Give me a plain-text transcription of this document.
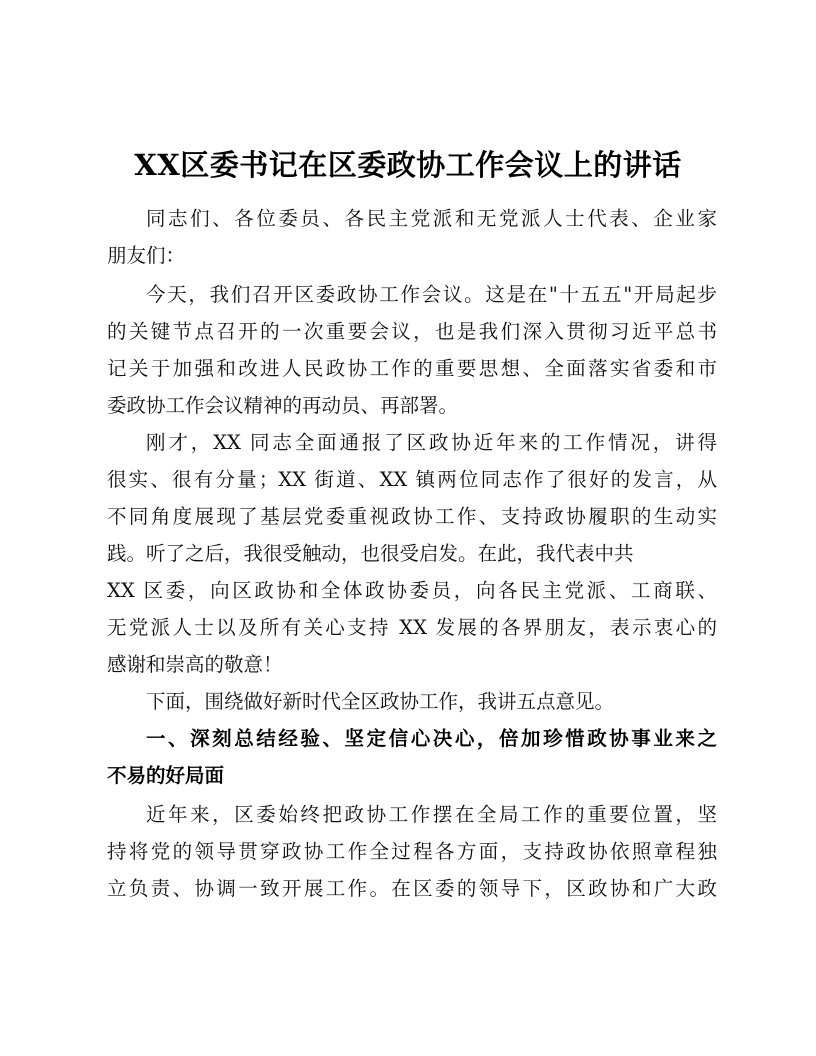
XX区委书记在区委政协工作会议上的讲话
同志们、各位委员、各民主党派和无党派人士代表、企业家
朋友们：
今天，我们召开区委政协工作会议。这是在"十五五"开局起步
的关键节点召开的一次重要会议，也是我们深入贯彻习近平总书
记关于加强和改进人民政协工作的重要思想、全面落实省委和市
委政协工作会议精神的再动员、再部署。
刚才，XX 同志全面通报了区政协近年来的工作情况，讲得
很实、很有分量；XX 街道、XX 镇两位同志作了很好的发言，从
不同角度展现了基层党委重视政协工作、支持政协履职的生动实
践。听了之后，我很受触动，也很受启发。在此，我代表中共
XX 区委，向区政协和全体政协委员，向各民主党派、工商联、
无党派人士以及所有关心支持 XX 发展的各界朋友，表示衷心的
感谢和崇高的敬意！
下面，围绕做好新时代全区政协工作，我讲五点意见。
一、深刻总结经验、坚定信心决心，倍加珍惜政协事业来之
不易的好局面
近年来，区委始终把政协工作摆在全局工作的重要位置，坚
持将党的领导贯穿政协工作全过程各方面，支持政协依照章程独
立负责、协调一致开展工作。在区委的领导下，区政协和广大政
